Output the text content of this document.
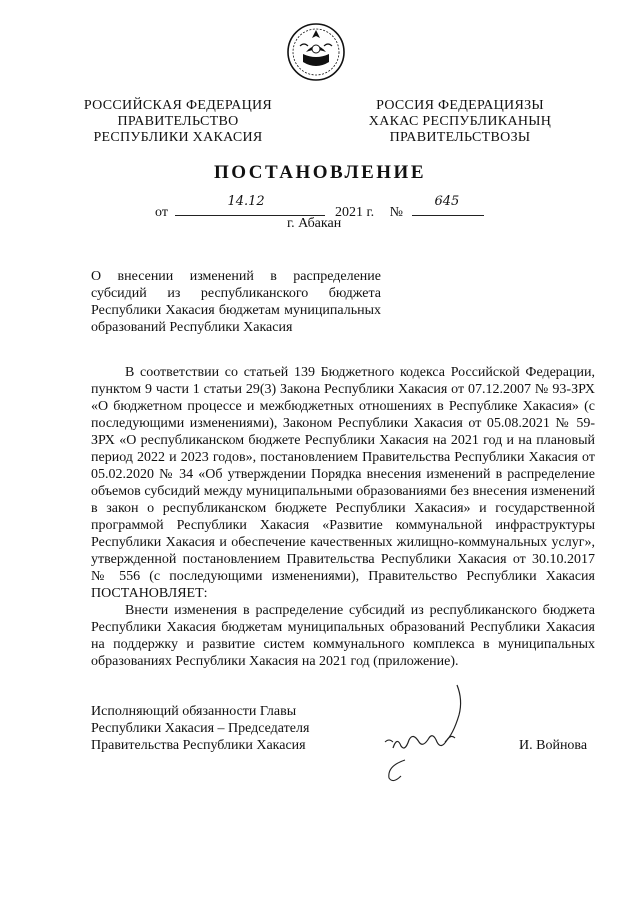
РОССИЙСКАЯ ФЕДЕРАЦИЯ
ПРАВИТЕЛЬСТВО
РЕСПУБЛИКИ ХАКАСИЯ
РОССИЯ ФЕДЕРАЦИЯЗЫ
ХАКАС РЕСПУБЛИКАНЫҢ
ПРАВИТЕЛЬСТВОЗЫ
ПОСТАНОВЛЕНИЕ
от
14.12
2021 г. №
645
г. Абакан
О внесении изменений в распределение субсидий из республиканского бюджета Республики Хакасия бюджетам муниципальных образований Республики Хакасия

В соответствии со статьей 139 Бюджетного кодекса Российской Федерации, пунктом 9 части 1 статьи 29(3) Закона Республики Хакасия от 07.12.2007 № 93-ЗРХ «О бюджетном процессе и межбюджетных отношениях в Республике Хакасия» (с последующими изменениями), Законом Республики Хакасия от 05.08.2021 № 59-ЗРХ «О республиканском бюджете Республики Хакасия на 2021 год и на плановый период 2022 и 2023 годов», постановлением Правительства Республики Хакасия от 05.02.2020 № 34 «Об утверждении Порядка внесения изменений в распределение объемов субсидий между муниципальными образованиями без внесения изменений в закон о республиканском бюджете Республики Хакасия» и государственной программой Республики Хакасия «Развитие коммунальной инфраструктуры Республики Хакасия и обеспечение качественных жилищно-коммунальных услуг», утвержденной постановлением Правительства Республики Хакасия от 30.10.2017 № 556 (с последующими изменениями), Правительство Республики Хакасия ПОСТАНОВЛЯЕТ:

Внести изменения в распределение субсидий из республиканского бюджета Республики Хакасия бюджетам муниципальных образований Республики Хакасия на поддержку и развитие систем коммунального комплекса в муниципальных образованиях Республики Хакасия на 2021 год (приложение).

Исполняющий обязанности Главы
Республики Хакасия – Председателя
Правительства Республики Хакасия	И. Войнова
